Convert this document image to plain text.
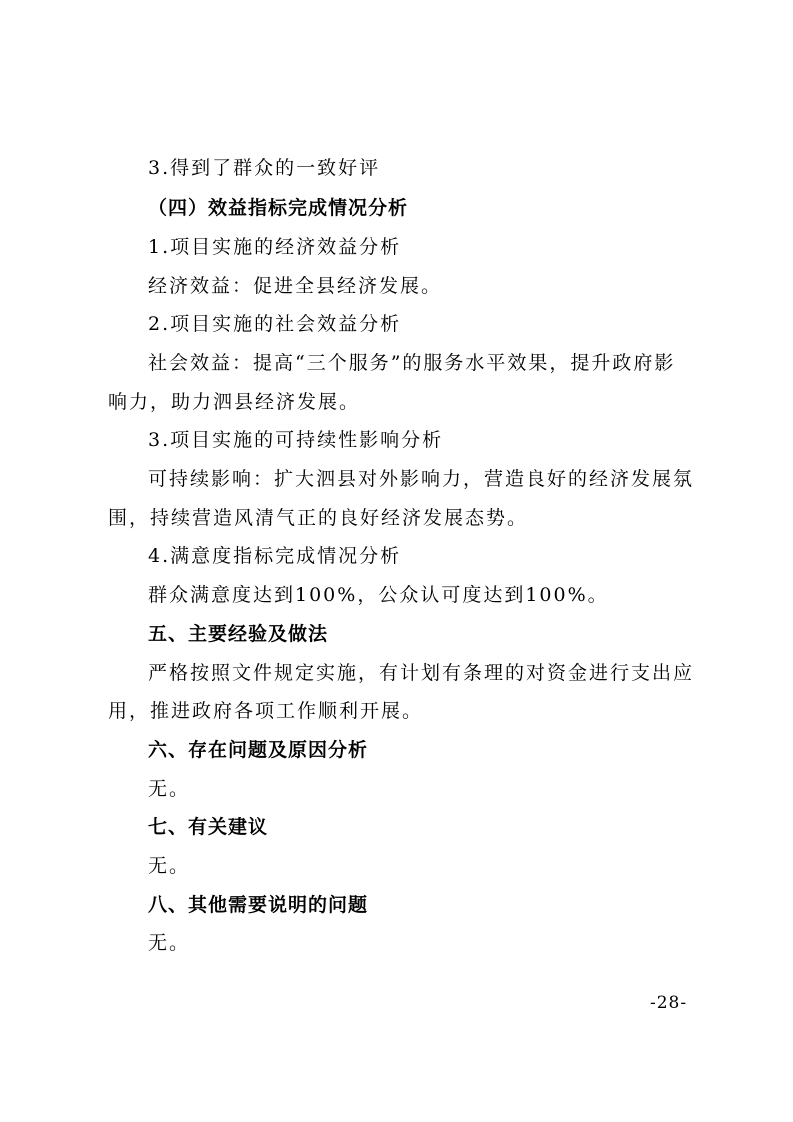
3.得到了群众的一致好评

（四）效益指标完成情况分析

1.项目实施的经济效益分析

经济效益：促进全县经济发展。

2.项目实施的社会效益分析

社会效益：提高“三个服务”的服务水平效果，提升政府影

响力，助力泗县经济发展。

3.项目实施的可持续性影响分析

可持续影响：扩大泗县对外影响力，营造良好的经济发展氛

围，持续营造风清气正的良好经济发展态势。

4.满意度指标完成情况分析

群众满意度达到100%，公众认可度达到100%。

五、主要经验及做法

严格按照文件规定实施，有计划有条理的对资金进行支出应

用，推进政府各项工作顺利开展。

六、存在问题及原因分析

无。

七、有关建议

无。

八、其他需要说明的问题

无。

-28-
